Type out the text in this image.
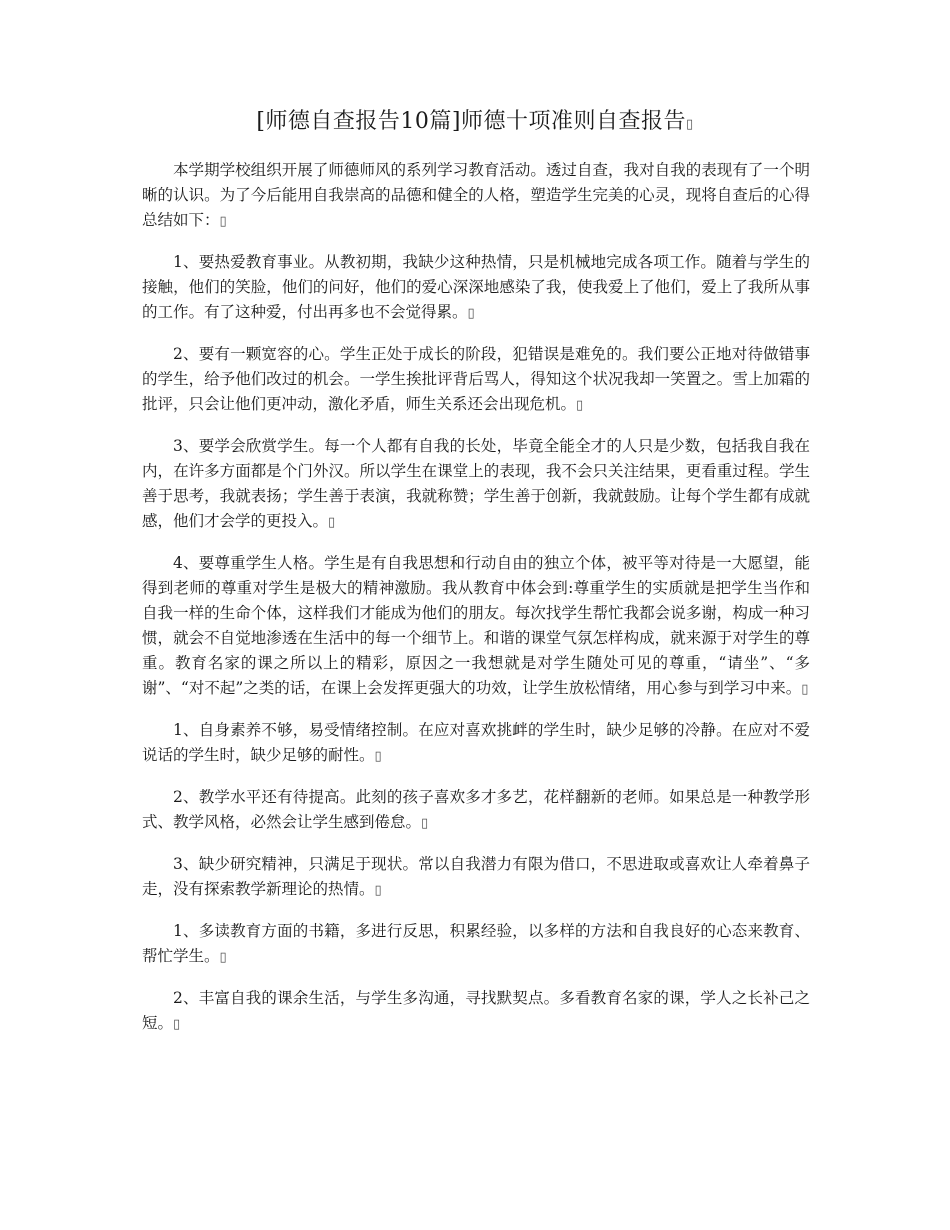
[师德自查报告10篇]师德十项准则自查报告▯

本学期学校组织开展了师德师风的系列学习教育活动。透过自查，我对自我的表现有了一个明晰的认识。为了今后能用自我崇高的品德和健全的人格，塑造学生完美的心灵，现将自查后的心得总结如下：▯

1、要热爱教育事业。从教初期，我缺少这种热情，只是机械地完成各项工作。随着与学生的接触，他们的笑脸，他们的问好，他们的爱心深深地感染了我，使我爱上了他们，爱上了我所从事的工作。有了这种爱，付出再多也不会觉得累。▯

2、要有一颗宽容的心。学生正处于成长的阶段，犯错误是难免的。我们要公正地对待做错事的学生，给予他们改过的机会。一学生挨批评背后骂人，得知这个状况我却一笑置之。雪上加霜的批评，只会让他们更冲动，激化矛盾，师生关系还会出现危机。▯

3、要学会欣赏学生。每一个人都有自我的长处，毕竟全能全才的人只是少数，包括我自我在内，在许多方面都是个门外汉。所以学生在课堂上的表现，我不会只关注结果，更看重过程。学生善于思考，我就表扬；学生善于表演，我就称赞；学生善于创新，我就鼓励。让每个学生都有成就感，他们才会学的更投入。▯

4、要尊重学生人格。学生是有自我思想和行动自由的独立个体，被平等对待是一大愿望，能得到老师的尊重对学生是极大的精神激励。我从教育中体会到:尊重学生的实质就是把学生当作和自我一样的生命个体，这样我们才能成为他们的朋友。每次找学生帮忙我都会说多谢，构成一种习惯，就会不自觉地渗透在生活中的每一个细节上。和谐的课堂气氛怎样构成，就来源于对学生的尊重。教育名家的课之所以上的精彩，原因之一我想就是对学生随处可见的尊重，“请坐”、“多谢”、“对不起”之类的话，在课上会发挥更强大的功效，让学生放松情绪，用心参与到学习中来。▯

1、自身素养不够，易受情绪控制。在应对喜欢挑衅的学生时，缺少足够的冷静。在应对不爱说话的学生时，缺少足够的耐性。▯

2、教学水平还有待提高。此刻的孩子喜欢多才多艺，花样翻新的老师。如果总是一种教学形式、教学风格，必然会让学生感到倦怠。▯

3、缺少研究精神，只满足于现状。常以自我潜力有限为借口，不思进取或喜欢让人牵着鼻子走，没有探索教学新理论的热情。▯

1、多读教育方面的书籍，多进行反思，积累经验，以多样的方法和自我良好的心态来教育、帮忙学生。▯

2、丰富自我的课余生活，与学生多沟通，寻找默契点。多看教育名家的课，学人之长补己之短。▯
